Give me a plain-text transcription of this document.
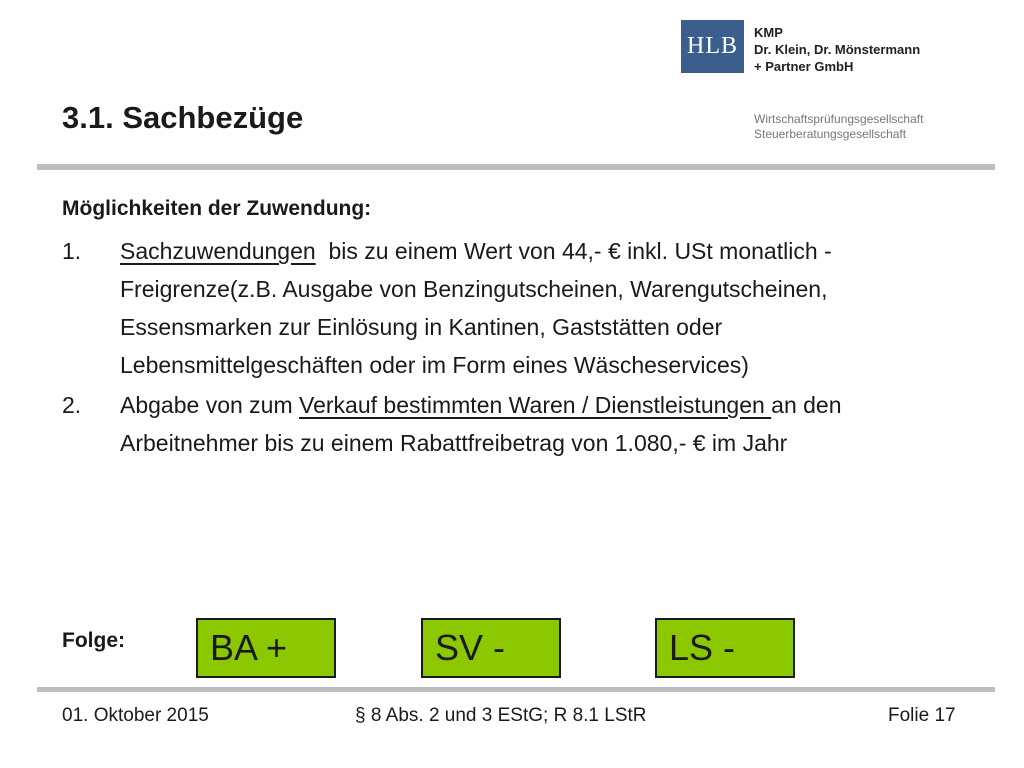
HLB
KMP
Dr. Klein, Dr. Mönstermann
+ Partner GmbH
Wirtschaftsprüfungsgesellschaft
Steuerberatungsgesellschaft
3.1. Sachbezüge
Möglichkeiten der Zuwendung:
1.	Sachzuwendungen  bis zu einem Wert von 44,- € inkl. USt monatlich - Freigrenze(z.B. Ausgabe von Benzingutscheinen, Warengutscheinen, Essensmarken zur Einlösung in Kantinen, Gaststätten oder Lebensmittelgeschäften oder im Form eines Wäscheservices)
2.	Abgabe von zum Verkauf bestimmten Waren / Dienstleistungen an den Arbeitnehmer bis zu einem Rabattfreibetrag von 1.080,- € im Jahr
Folge:	BA +	SV -	LS -
01. Oktober 2015	§ 8 Abs. 2 und 3 EStG; R 8.1 LStR	Folie 17
